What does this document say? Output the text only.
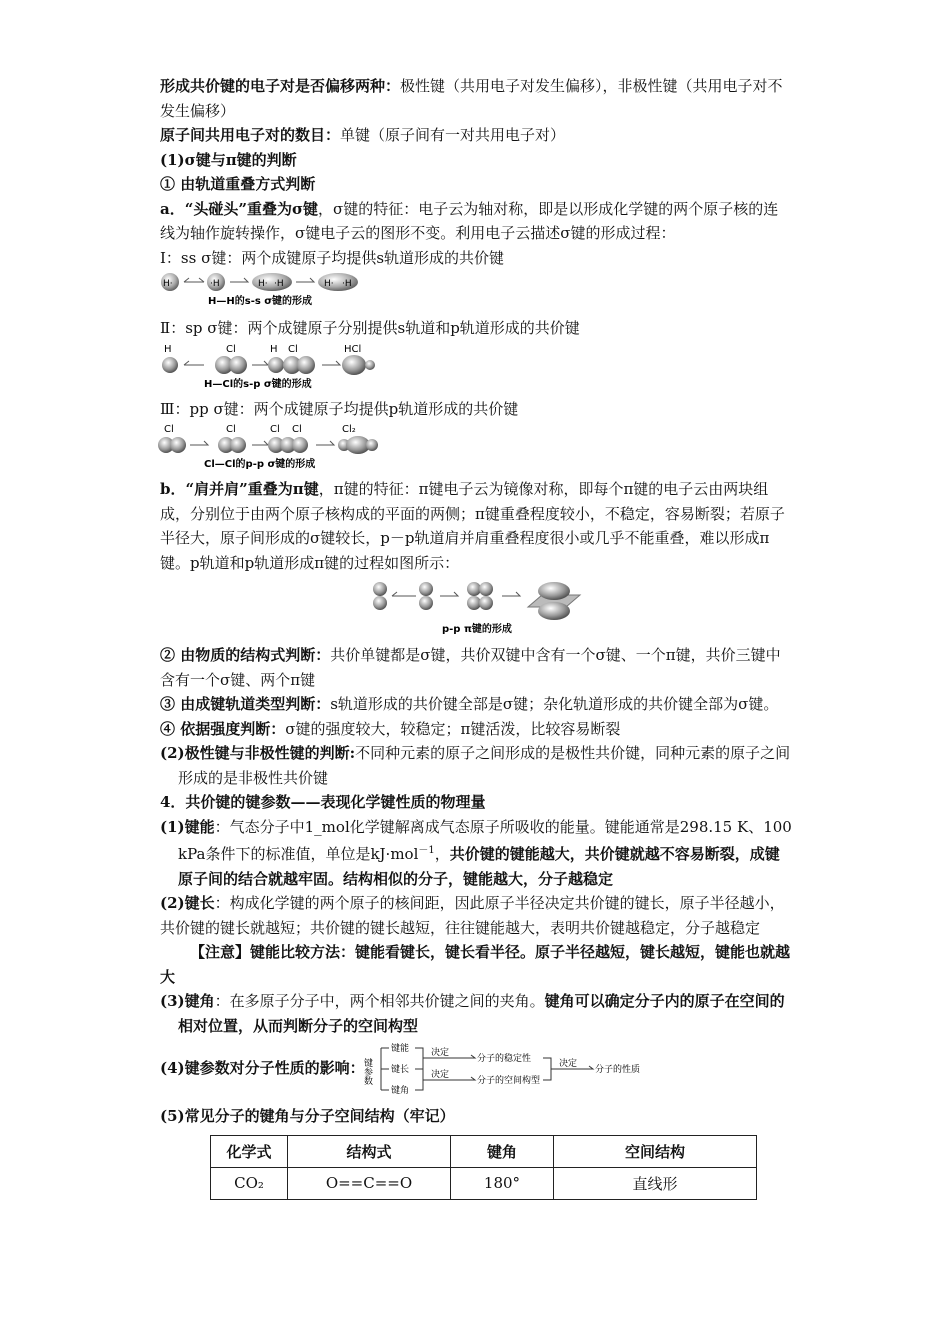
形成共价键的电子对是否偏移两种：极性键（共用电子对发生偏移），非极性键（共用电子对不发生偏移）

原子间共用电子对的数目：单键（原子间有一对共用电子对）

(1)σ键与π键的判断

① 由轨道重叠方式判断

a．“头碰头”重叠为σ键，σ键的特征：电子云为轴对称，即是以形成化学键的两个原子核的连线为轴作旋转操作，σ键电子云的图形不变。利用电子云描述σ键的形成过程：

Ⅰ：ss σ键：两个成键原子均提供s轨道形成的共价键

H·	·H	H· ·H	H· ·H
H—H的s-s σ键的形成

Ⅱ：sp σ键：两个成键原子分别提供s轨道和p轨道形成的共价键

H	Cl	H Cl	HCl
H—Cl的s-p σ键的形成

Ⅲ：pp σ键：两个成键原子均提供p轨道形成的共价键

Cl	Cl	Cl Cl	Cl₂
Cl—Cl的p-p σ键的形成

b．“肩并肩”重叠为π键，π键的特征：π键电子云为镜像对称，即每个π键的电子云由两块组成，分别位于由两个原子核构成的平面的两侧；π键重叠程度较小，不稳定，容易断裂；若原子半径大，原子间形成的σ键较长，p－p轨道肩并肩重叠程度很小或几乎不能重叠，难以形成π键。p轨道和p轨道形成π键的过程如图所示：

p-p π键的形成

② 由物质的结构式判断：共价单键都是σ键，共价双键中含有一个σ键、一个π键，共价三键中含有一个σ键、两个π键

③ 由成键轨道类型判断：s轨道形成的共价键全部是σ键；杂化轨道形成的共价键全部为σ键。

④ 依据强度判断：σ键的强度较大，较稳定；π键活泼，比较容易断裂

(2)极性键与非极性键的判断:不同种元素的原子之间形成的是极性共价键，同种元素的原子之间形成的是非极性共价键

4．共价键的键参数——表现化学键性质的物理量

(1)键能：气态分子中1_mol化学键解离成气态原子所吸收的能量。键能通常是298.15 K、100 kPa条件下的标准值，单位是kJ·mol$^{-1}$，共价键的键能越大，共价键就越不容易断裂，成键原子间的结合就越牢固。结构相似的分子，键能越大，分子越稳定

(2)键长：构成化学键的两个原子的核间距，因此原子半径决定共价键的键长，原子半径越小，共价键的键长就越短；共价键的键长越短，往往键能越大，表明共价键越稳定，分子越稳定

【注意】键能比较方法：键能看键长，键长看半径。原子半径越短，键长越短，键能也就越大

(3)键角：在多原子分子中，两个相邻共价键之间的夹角。键角可以确定分子内的原子在空间的相对位置，从而判断分子的空间构型

(4)键参数对分子性质的影响：
键参数
键能
键长
键角
决定
决定
分子的稳定性
分子的空间构型
决定
分子的性质

(5)常见分子的键角与分子空间结构（牢记）

化学式	结构式	键角	空间结构
CO₂	O==C==O	180°	直线形
